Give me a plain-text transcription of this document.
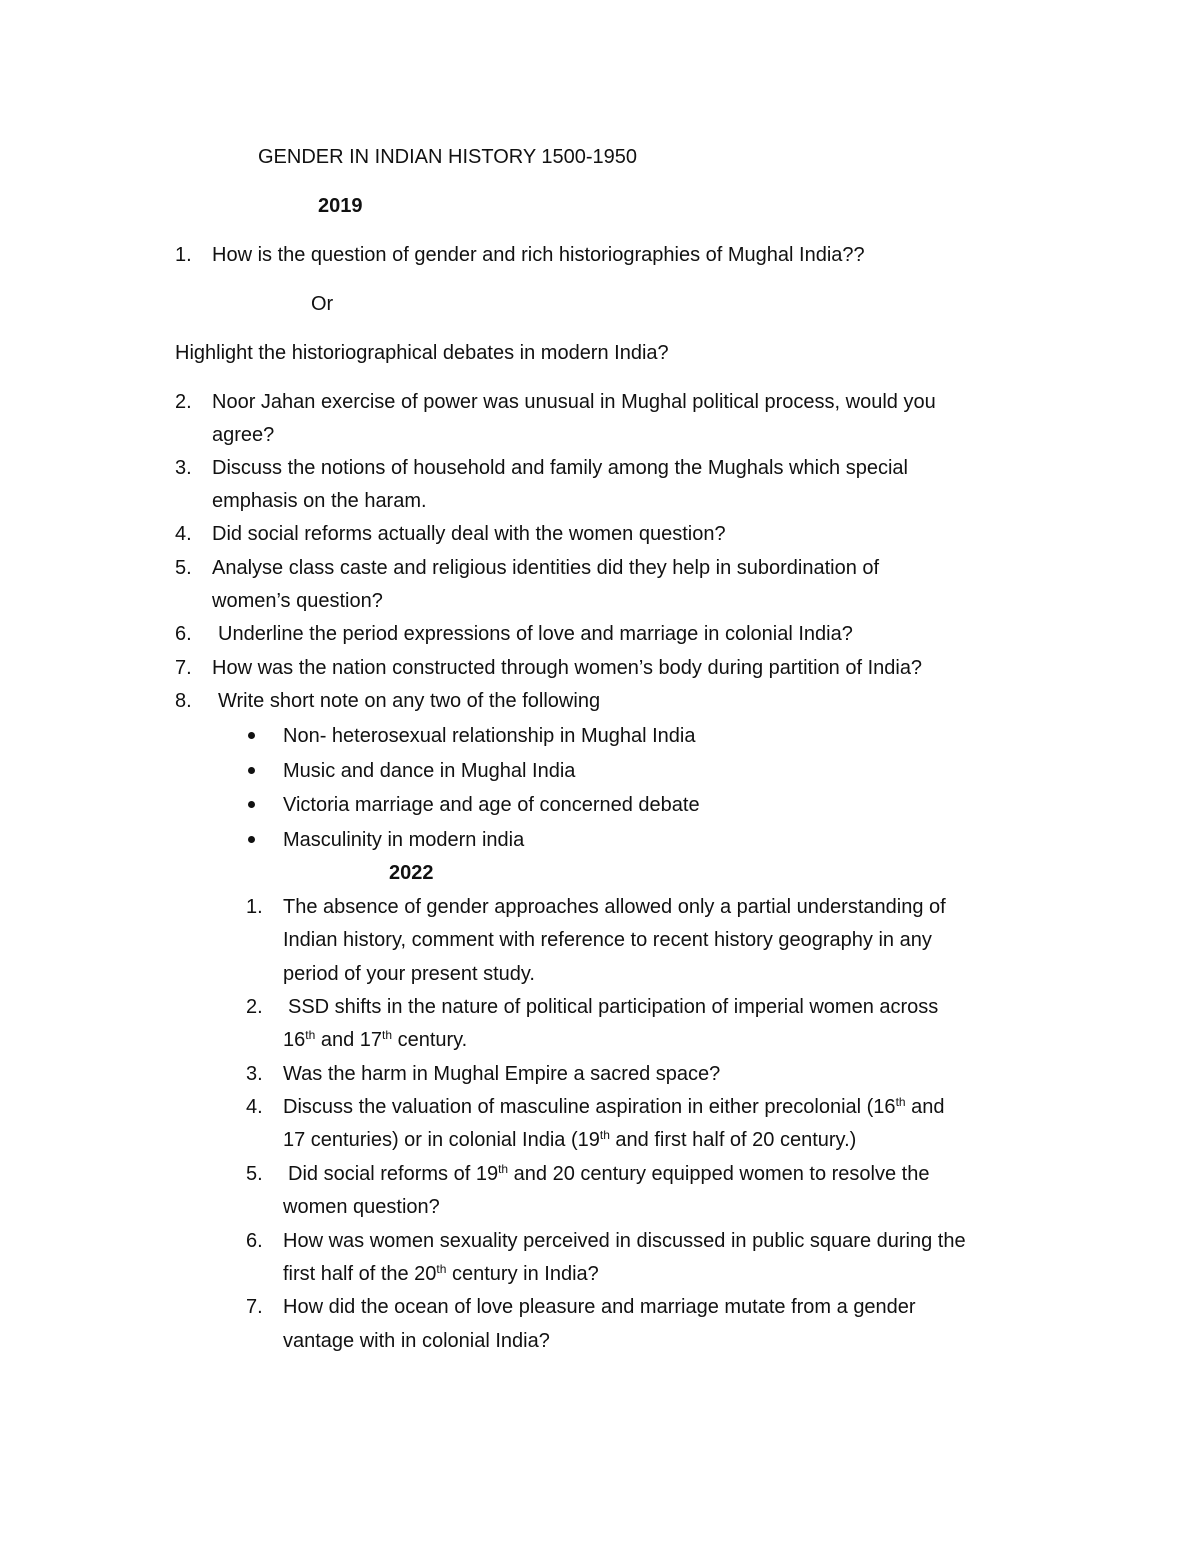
GENDER IN INDIAN HISTORY 1500-1950
2019
1. How is the question of gender and rich historiographies of Mughal India??
Or
Highlight the historiographical debates in modern India?
2. Noor Jahan exercise of power was unusual in Mughal political process, would you
agree?
3. Discuss the notions of household and family among the Mughals which special
emphasis on the haram.
4. Did social reforms actually deal with the women question?
5. Analyse class caste and religious identities did they help in subordination of
women’s question?
6. Underline the period expressions of love and marriage in colonial India?
7. How was the nation constructed through women’s body during partition of India?
8. Write short note on any two of the following
Non- heterosexual relationship in Mughal India
Music and dance in Mughal India
Victoria marriage and age of concerned debate
Masculinity in modern india
2022
1. The absence of gender approaches allowed only a partial understanding of
Indian history, comment with reference to recent history geography in any
period of your present study.
2. SSD shifts in the nature of political participation of imperial women across
16th and 17th century.
3. Was the harm in Mughal Empire a sacred space?
4. Discuss the valuation of masculine aspiration in either precolonial (16th and
17 centuries) or in colonial India (19th and first half of 20 century.)
5. Did social reforms of 19th and 20 century equipped women to resolve the
women question?
6. How was women sexuality perceived in discussed in public square during the
first half of the 20th century in India?
7. How did the ocean of love pleasure and marriage mutate from a gender
vantage with in colonial India?
